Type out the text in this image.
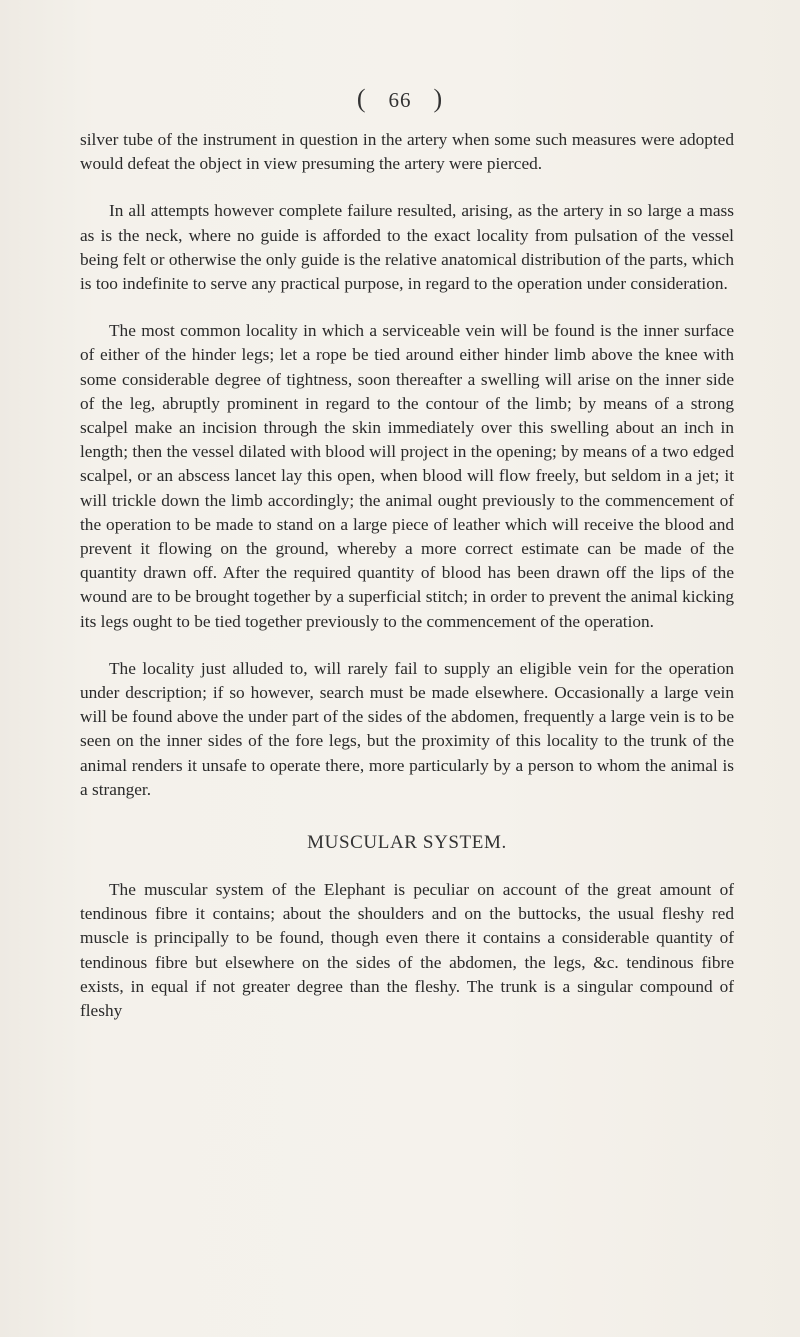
( 66 )

silver tube of the instrument in question in the artery when some such measures were adopted would defeat the object in view presuming the artery were pierced.

In all attempts however complete failure resulted, arising, as the artery in so large a mass as is the neck, where no guide is afforded to the exact locality from pulsation of the vessel being felt or otherwise the only guide is the relative anatomical distribution of the parts, which is too indefinite to serve any practical purpose, in regard to the operation under consideration.

The most common locality in which a serviceable vein will be found is the inner surface of either of the hinder legs; let a rope be tied around either hinder limb above the knee with some considerable degree of tightness, soon thereafter a swelling will arise on the inner side of the leg, abruptly prominent in regard to the contour of the limb; by means of a strong scalpel make an incision through the skin immediately over this swelling about an inch in length; then the vessel dilated with blood will project in the opening; by means of a two edged scalpel, or an abscess lancet lay this open, when blood will flow freely, but seldom in a jet; it will trickle down the limb accordingly; the animal ought previously to the commencement of the operation to be made to stand on a large piece of leather which will receive the blood and prevent it flowing on the ground, whereby a more correct estimate can be made of the quantity drawn off. After the required quantity of blood has been drawn off the lips of the wound are to be brought together by a superficial stitch; in order to prevent the animal kicking its legs ought to be tied together previously to the commencement of the operation.

The locality just alluded to, will rarely fail to supply an eligible vein for the operation under description; if so however, search must be made elsewhere. Occasionally a large vein will be found above the under part of the sides of the abdomen, frequently a large vein is to be seen on the inner sides of the fore legs, but the proximity of this locality to the trunk of the animal renders it unsafe to operate there, more particularly by a person to whom the animal is a stranger.

MUSCULAR SYSTEM.

The muscular system of the Elephant is peculiar on account of the great amount of tendinous fibre it contains; about the shoulders and on the buttocks, the usual fleshy red muscle is principally to be found, though even there it contains a considerable quantity of tendinous fibre but elsewhere on the sides of the abdomen, the legs, &c. tendinous fibre exists, in equal if not greater degree than the fleshy. The trunk is a singular compound of fleshy
